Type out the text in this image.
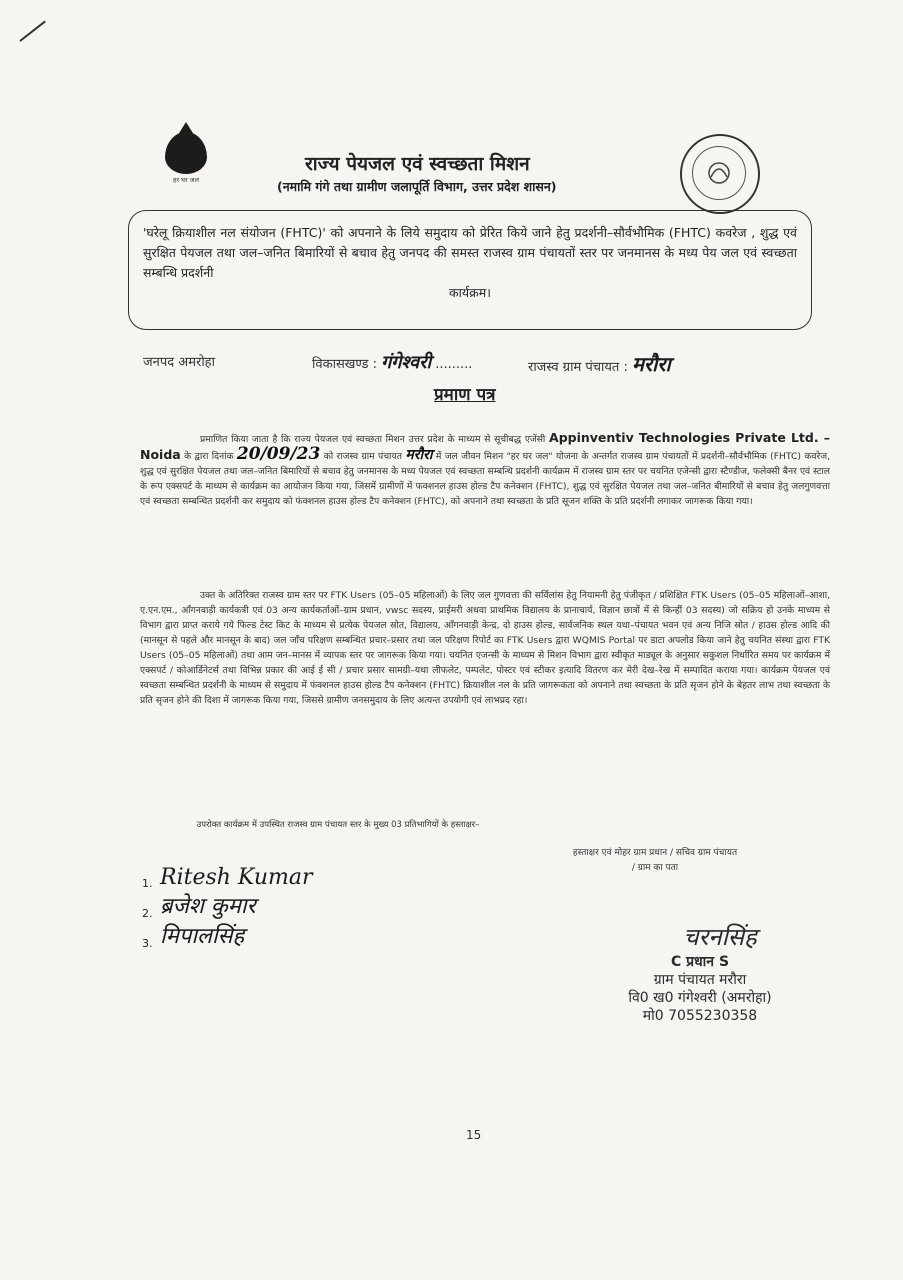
हर घर जल
राज्य पेयजल एवं स्वच्छता मिशन
(नमामि गंगे तथा ग्रामीण जलापूर्ति विभाग, उत्तर प्रदेश शासन)
'घरेलू क्रियाशील नल संयोजन (FHTC)' को अपनाने के लिये समुदाय को प्रेरित किये जाने हेतु प्रदर्शनी–सौर्वभौमिक (FHTC) कवरेज , शुद्ध एवं सुरक्षित पेयजल तथा जल–जनित बिमारियों से बचाव हेतु जनपद की समस्त राजस्व ग्राम पंचायतों स्तर पर जनमानस के मध्य पेय जल एवं स्वच्छता सम्बन्धि प्रदर्शनी
कार्यक्रम।
जनपद अमरोहा	विकासखण्ड : गंगेश्वरी .........	राजस्व ग्राम पंचायत : मरौरा
प्रमाण पत्र
प्रमाणित किया जाता है कि राज्य पेयजल एवं स्वच्छता मिशन उत्तर प्रदेश के माध्यम से सूचीबद्ध एजेंसी Appinventiv Technologies Private Ltd. – Noida के द्वारा दिनांक 20/09/23 को राजस्व ग्राम पंचायत मरौरा में जल जीवन मिशन "हर घर जल" योजना के अन्तर्गत राजस्व ग्राम पंचायतों में प्रदर्शनी–सौर्वभौमिक (FHTC) कवरेज, शुद्ध एवं सुरक्षित पेयजल तथा जल–जनित बिमारियों से बचाव हेतु जनमानस के मध्य पेयजल एवं स्वच्छता सम्बन्धि प्रदर्शनी कार्यक्रम में राजस्व ग्राम स्तर पर चयनित एजेन्सी द्वारा स्टैण्डीज, फलेक्सी बैनर एवं स्टाल के रूप एक्सपर्ट के माध्यम से कार्यक्रम का आयोजन किया गया, जिसमें ग्रामीणों में फक्शनल हाउस होल्ड टैप कनेक्शन (FHTC), शुद्ध एवं सुरक्षित पेयजल तथा जल–जनित बीमारियों से बचाव हेतु जलगुणवत्ता एवं स्वच्छता सम्बन्धित प्रदर्शनी कर समुदाय को फंक्शनल हाउस होल्ड टैप कनेक्शन (FHTC), को अपनाने तथा स्वच्छता के प्रति सूजन शक्ति के प्रति प्रदर्शनी लगाकर जागरूक किया गया।
उक्त के अतिरिक्त राजस्व ग्राम स्तर पर FTK Users (05–05 महिलाओं) के लिए जल गुणवत्ता की सर्विलांस हेतु नियामनी हेतु पंजीकृत / प्रशिक्षित FTK Users (05–05 महिलाओं–आशा, ए.एन.एम., आँगनवाड़ी कार्यकत्री एवं 03 अन्य कार्यकर्ताओं–ग्राम प्रधान, vwsc सदस्य, प्राईमरी अथवा प्राथमिक विद्यालय के प्रानाचार्य, विज्ञान छात्रों में से किन्हीं 03 सदस्य) जो सक्रिय हो उनके माध्यम से विभाग द्वारा प्राप्त कराये गये फिल्ड टेस्ट किट के माध्यम से प्रत्येक पेयजल स्रोत, विद्यालय, आँगनवाड़ी केन्द्र, दो हाउस होल्ड, सार्वजनिक स्थल यथा–पंचायत भवन एवं अन्य निजि स्रोत / हाउस होल्ड आदि की (मानसून से पहले और मानसून के बाद) जल जाँच परिक्षण सम्बन्धित प्रचार–प्रसार तथा जल परिक्षण रिपोर्ट का FTK Users द्वारा WQMIS Portal पर डाटा अपलोड किया जाने हेतु चयनित संस्था द्वारा FTK Users (05–05 महिलाओं) तथा आम जन–मानस में व्यापक स्तर पर जागरूक किया गया। चयनित एजन्सी के माध्यम से मिशन विभाग द्वारा स्वीकृत माड्यूल के अनुसार सकुशल निर्धारित समय पर कार्यक्रम में एक्सपर्ट / कोआर्डिनेटर्स तथा विभिन्न प्रकार की आई ई सी / प्रचार प्रसार सामग्री–यथा लीफलेट, पम्पलेट, पोस्टर एवं स्टीकर इत्यादि वितरण कर मेरी देख–रेख में सम्पादित कराया गया। कार्यक्रम पेयजल एवं स्वच्छता सम्बन्धित प्रदर्शनी के माध्यम से समुदाय में फंक्शनल हाउस होल्ड टैप कनेक्शन (FHTC) क्रियाशील नल के प्रति जागरूकता को अपनाने तथा स्वच्छता के प्रति सृजन होने के बेहतर लाभ तथा स्वच्छता के प्रति सृजन होने की दिशा में जागरूक किया गया, जिससे ग्रामीण जनसमुदाय के लिए अत्यन्त उपयोगी एवं लाभप्रद रहा।
उपरोक्त कार्यक्रम में उपस्थित राजस्व ग्राम पंचायत स्तर के मुख्य 03 प्रतिभागियों के हस्ताक्षर–
1. Ritesh Kumar
2. ब्रजेश कुमार
3. मिपालसिंह
हस्ताक्षर एवं मोहर ग्राम प्रधान / सचिव ग्राम पंचायत / ग्राम का पता
चरनसिंह
C प्रधान S
ग्राम पंचायत मरौरा
वि0 ख0 गंगेश्वरी (अमरोहा)
मो0 7055230358
15
